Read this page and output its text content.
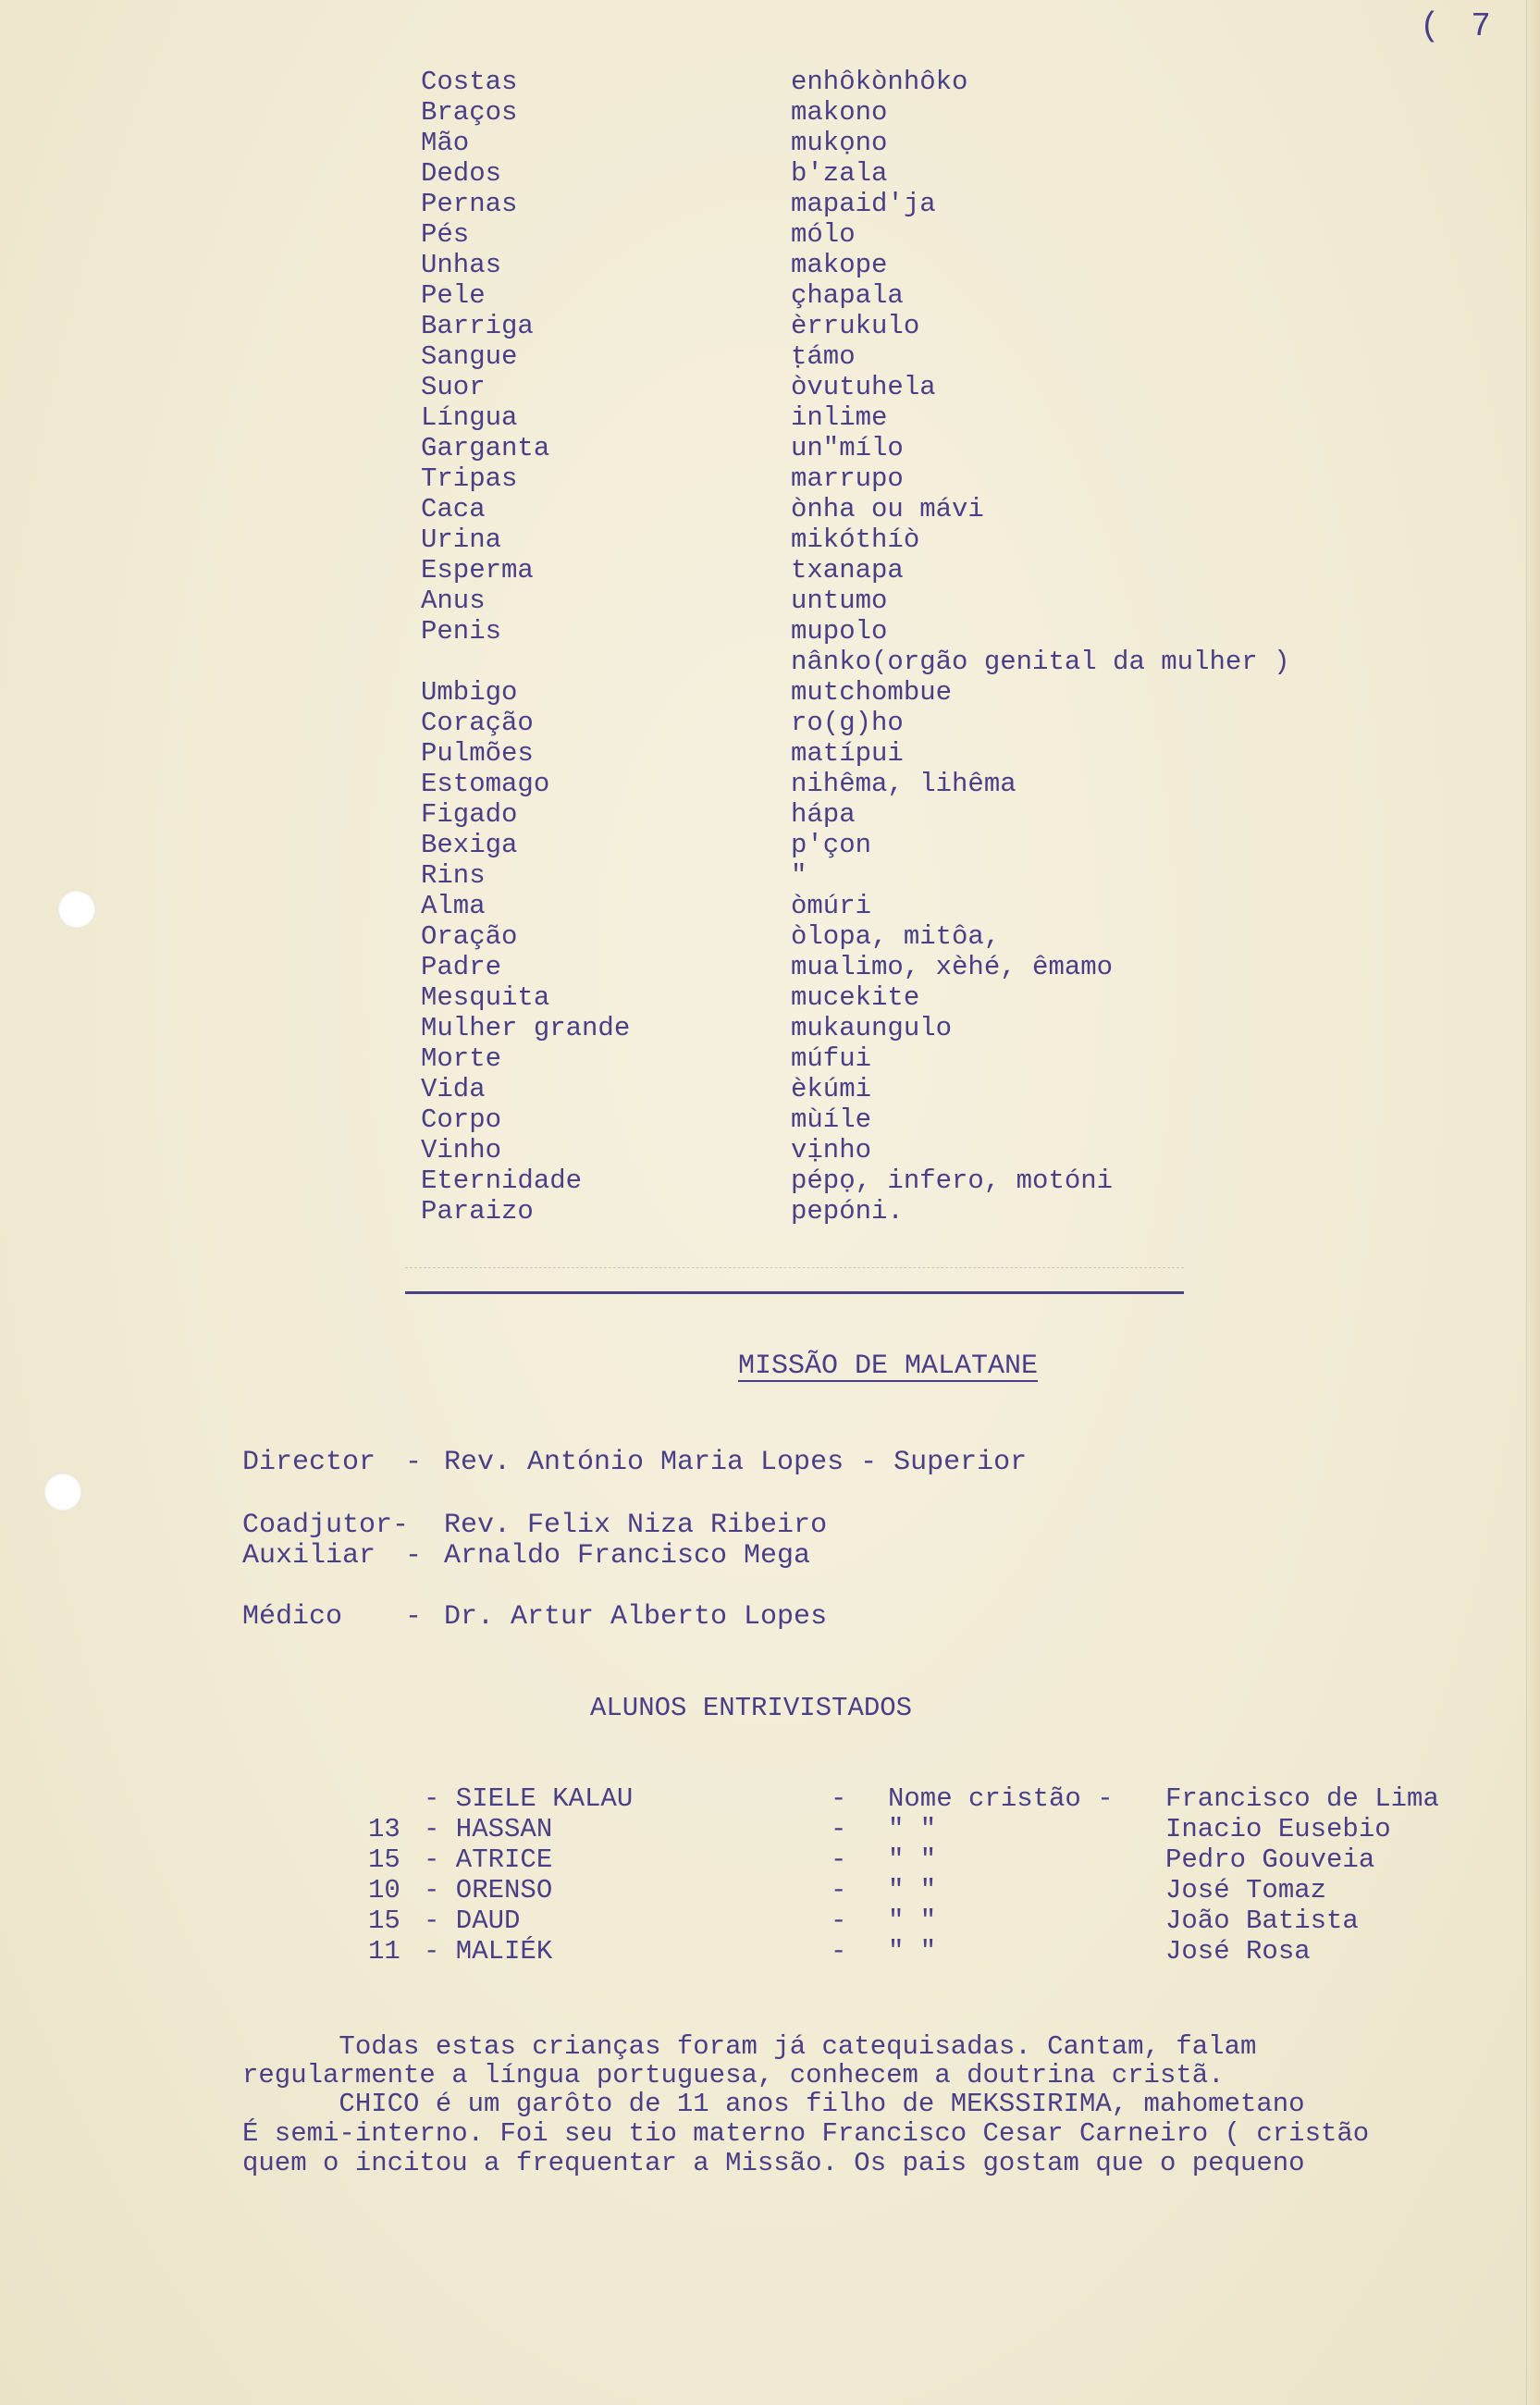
( 7
Costas	enhôkònhôko
Braços	makono
Mão	mukọno
Dedos	b'zala
Pernas	mapaid'ja
Pés	mólo
Unhas	makope
Pele	çhapala
Barriga	èrrukulo
Sangue	ṭámo
Suor	òvutuhela
Língua	inlime
Garganta	un"mílo
Tripas	marrupo
Caca	ònha ou mávi
Urina	mikóthíò
Esperma	txanapa
Anus	untumo
Penis	mupolo
nânko(orgão genital da mulher )
Umbigo	mutchombue
Coração	ro(g)ho
Pulmões	matípui
Estomago	nihêma, lihêma
Figado	hápa
Bexiga	p'çon
Rins	"
Alma	òmúri
Oração	òlopa, mitôa,
Padre	mualimo, xèhé, êmamo
Mesquita	mucekite
Mulher grande	mukaungulo
Morte	múfui
Vida	èkúmi
Corpo	mùíle
Vinho	vịnho
Eternidade	pépọ, infero, motóni
Paraizo	pepóni.
MISSÃO DE MALATANE
Director - Rev. António Maria Lopes - Superior
Coadjutor- Rev. Felix Niza Ribeiro
Auxiliar - Arnaldo Francisco Mega
Médico - Dr. Artur Alberto Lopes
ALUNOS ENTRIVISTADOS
- SIELE KALAU	- Nome cristão - Francisco de Lima
13 - HASSAN	- " "	Inacio Eusebio
15 - ATRICE	- " "	Pedro Gouveia
10 - ORENSO	- " "	José Tomaz
15 - DAUD	- " "	João Batista
11 - MALIÉK	- " "	José Rosa
Todas estas crianças foram já catequisadas. Cantam, falam
regularmente a língua portuguesa, conhecem a doutrina cristã.
CHICO é um garôto de 11 anos filho de MEKSSIRIMA, mahometano
É semi-interno. Foi seu tio materno Francisco Cesar Carneiro ( cristão
quem o incitou a frequentar a Missão. Os pais gostam que o pequeno
